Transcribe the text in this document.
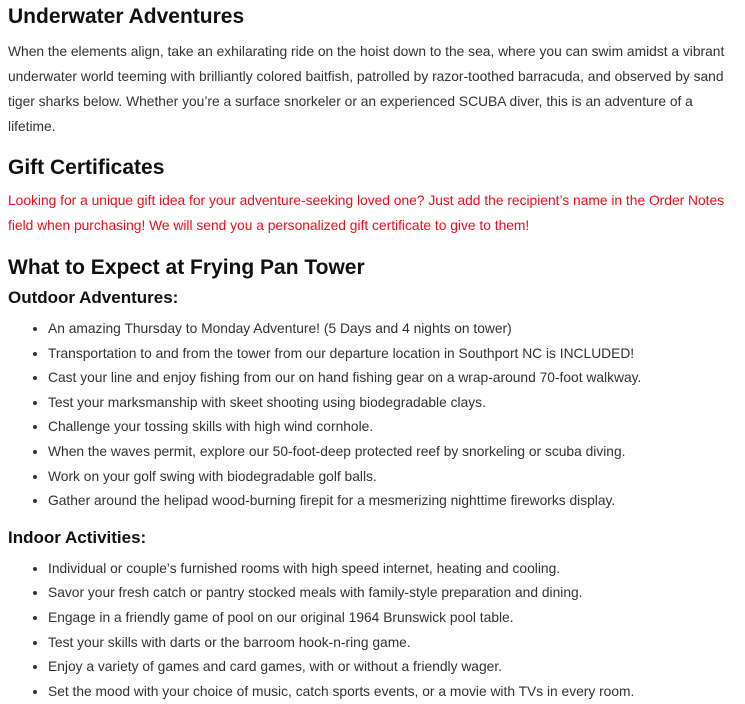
Underwater Adventures

When the elements align, take an exhilarating ride on the hoist down to the sea, where you can swim amidst a vibrant underwater world teeming with brilliantly colored baitfish, patrolled by razor-toothed barracuda, and observed by sand tiger sharks below. Whether you’re a surface snorkeler or an experienced SCUBA diver, this is an adventure of a lifetime.

Gift Certificates

Looking for a unique gift idea for your adventure-seeking loved one? Just add the recipient’s name in the Order Notes field when purchasing! We will send you a personalized gift certificate to give to them!

What to Expect at Frying Pan Tower
Outdoor Adventures:
• An amazing Thursday to Monday Adventure! (5 Days and 4 nights on tower)
• Transportation to and from the tower from our departure location in Southport NC is INCLUDED!
• Cast your line and enjoy fishing from our on hand fishing gear on a wrap-around 70-foot walkway.
• Test your marksmanship with skeet shooting using biodegradable clays.
• Challenge your tossing skills with high wind cornhole.
• When the waves permit, explore our 50-foot-deep protected reef by snorkeling or scuba diving.
• Work on your golf swing with biodegradable golf balls.
• Gather around the helipad wood-burning firepit for a mesmerizing nighttime fireworks display.
Indoor Activities:
• Individual or couple’s furnished rooms with high speed internet, heating and cooling.
• Savor your fresh catch or pantry stocked meals with family-style preparation and dining.
• Engage in a friendly game of pool on our original 1964 Brunswick pool table.
• Test your skills with darts or the barroom hook-n-ring game.
• Enjoy a variety of games and card games, with or without a friendly wager.
• Set the mood with your choice of music, catch sports events, or a movie with TVs in every room.
